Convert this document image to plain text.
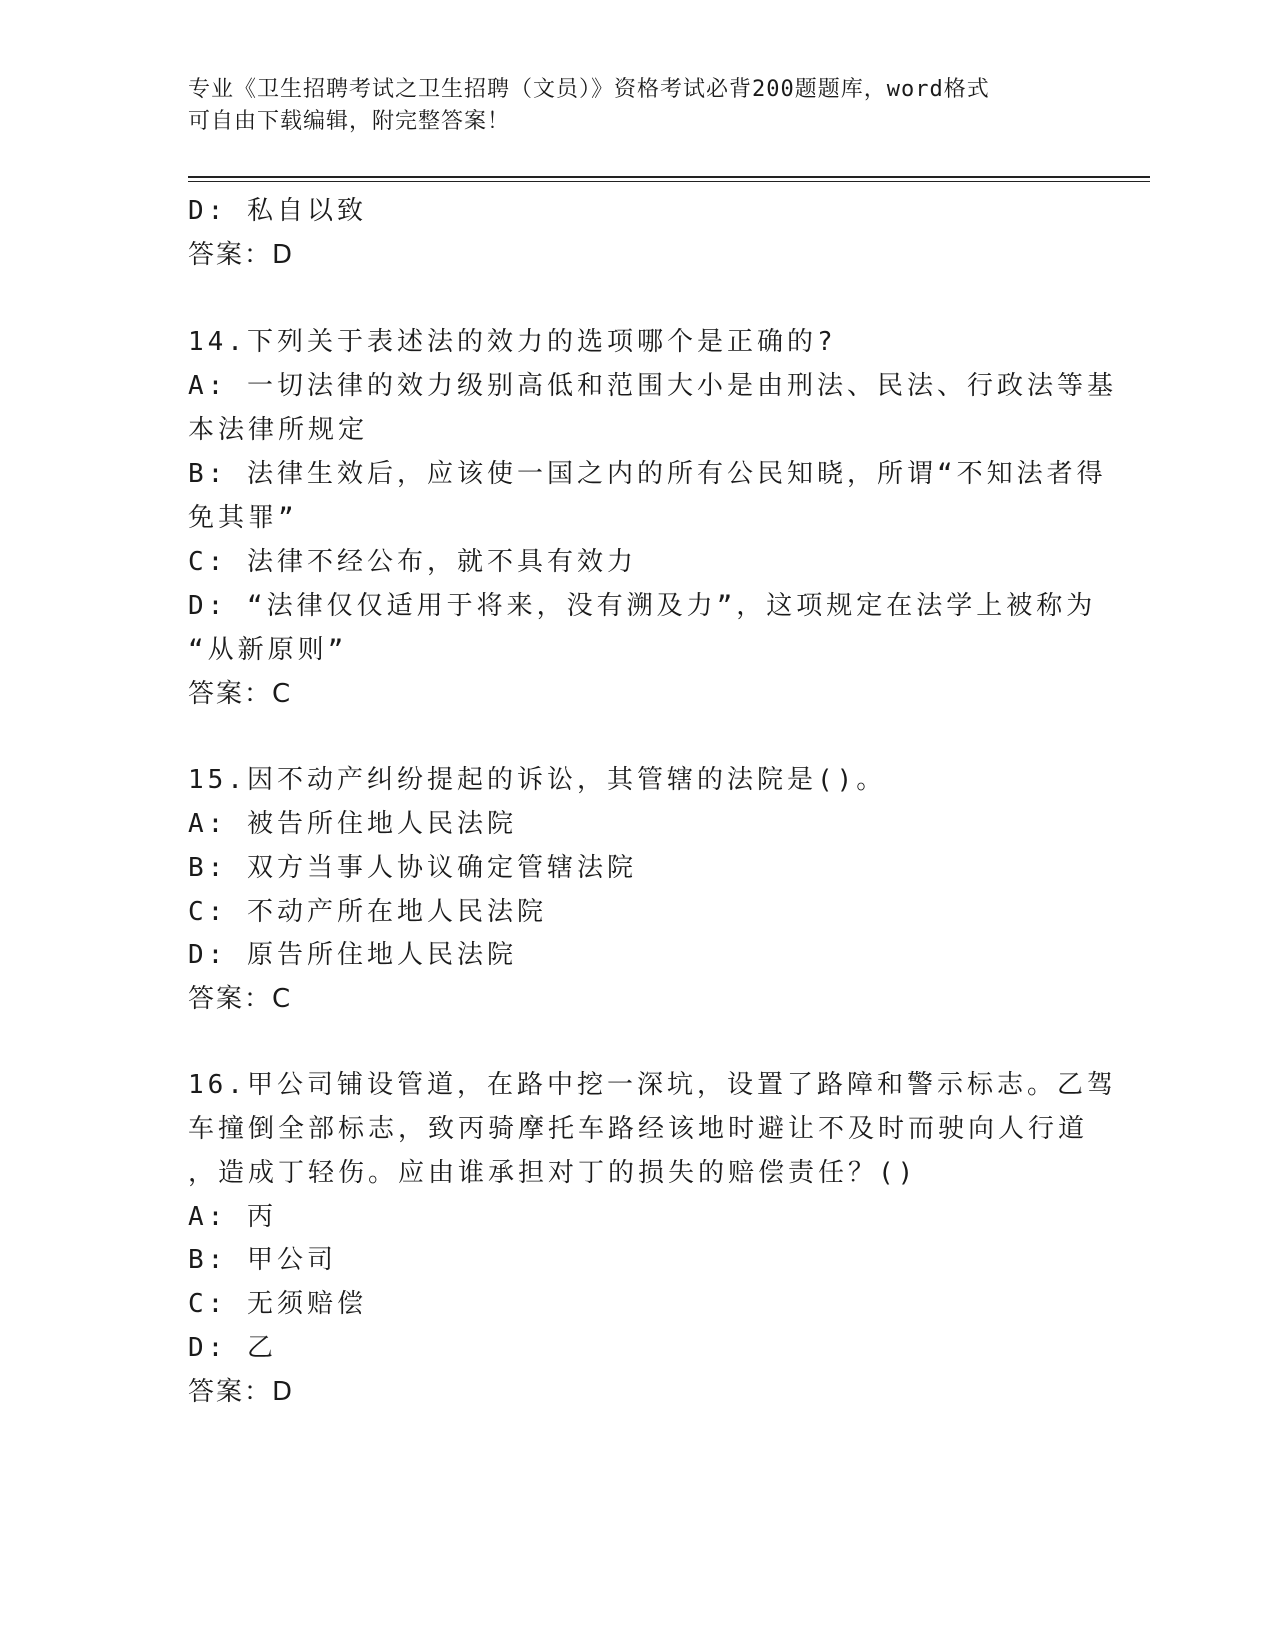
专业《卫生招聘考试之卫生招聘（文员）》资格考试必背200题题库，word格式
可自由下载编辑，附完整答案！
D: 私自以致
答案：D
14.下列关于表述法的效力的选项哪个是正确的?
A: 一切法律的效力级别高低和范围大小是由刑法、民法、行政法等基
本法律所规定
B: 法律生效后，应该使一国之内的所有公民知晓，所谓“不知法者得
免其罪”
C: 法律不经公布，就不具有效力
D: “法律仅仅适用于将来，没有溯及力”，这项规定在法学上被称为
“从新原则”
答案：C
15.因不动产纠纷提起的诉讼，其管辖的法院是()。
A: 被告所住地人民法院
B: 双方当事人协议确定管辖法院
C: 不动产所在地人民法院
D: 原告所住地人民法院
答案：C
16.甲公司铺设管道，在路中挖一深坑，设置了路障和警示标志。乙驾
车撞倒全部标志，致丙骑摩托车路经该地时避让不及时而驶向人行道
，造成丁轻伤。应由谁承担对丁的损失的赔偿责任？()
A: 丙
B: 甲公司
C: 无须赔偿
D: 乙
答案：D
